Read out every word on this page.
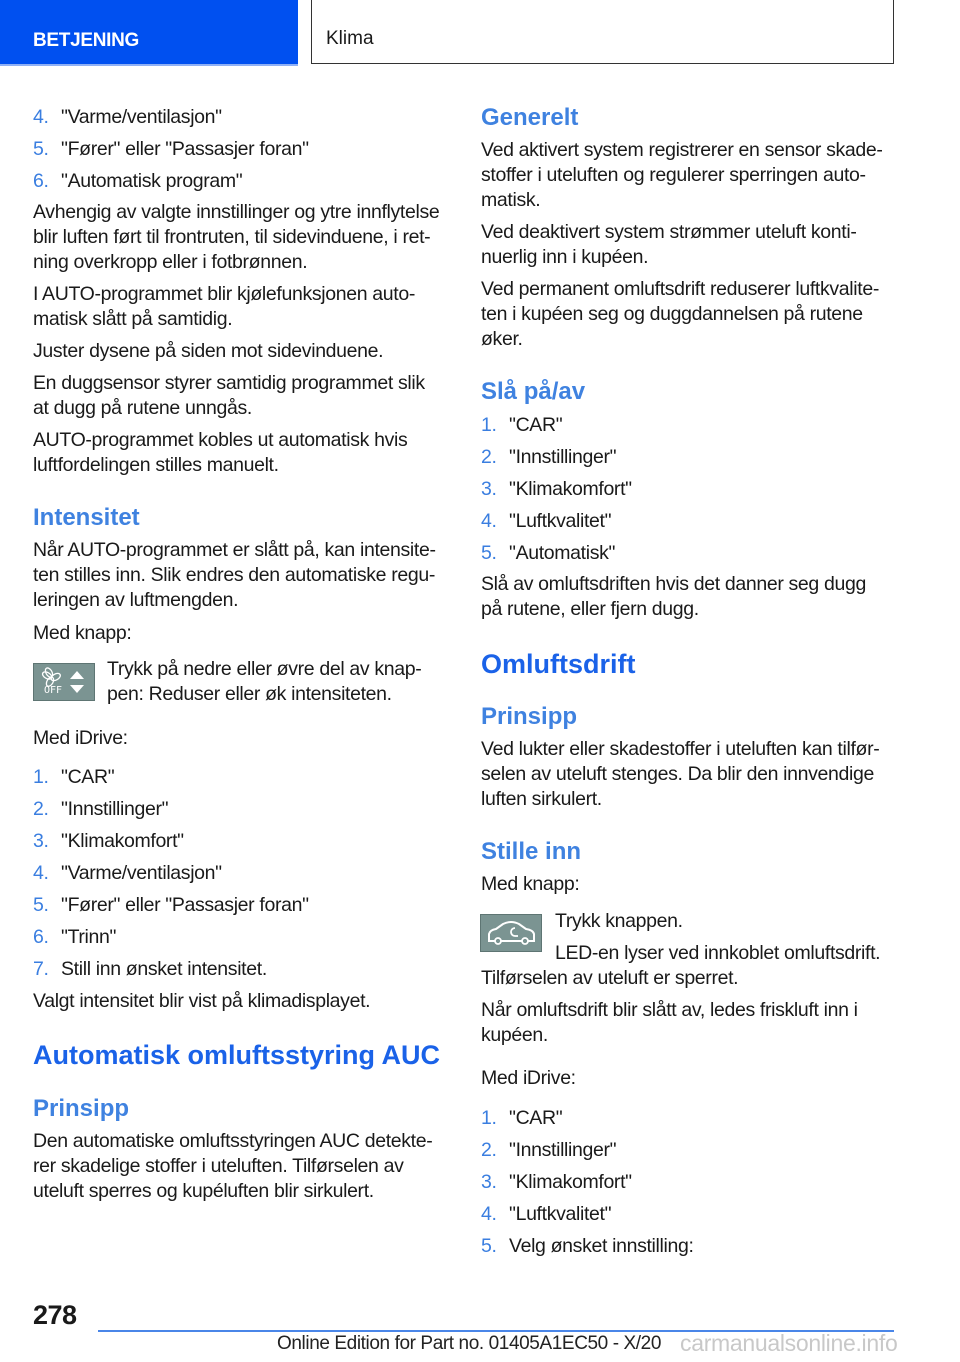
BETJENING	Klima
4. "Varme/ventilasjon"
5. "Fører" eller "Passasjer foran"
6. "Automatisk program"
Avhengig av valgte innstillinger og ytre innflytelse
blir luften ført til frontruten, til sidevinduene, i ret-
ning overkropp eller i fotbrønnen.
I AUTO-programmet blir kjølefunksjonen auto-
matisk slått på samtidig.
Juster dysene på siden mot sidevinduene.
En duggsensor styrer samtidig programmet slik
at dugg på rutene unngås.
AUTO-programmet kobles ut automatisk hvis
luftfordelingen stilles manuelt.
Intensitet
Når AUTO-programmet er slått på, kan intensite-
ten stilles inn. Slik endres den automatiske regu-
leringen av luftmengden.
Med knapp:
OFF
Trykk på nedre eller øvre del av knap-
pen: Reduser eller øk intensiteten.
Med iDrive:
1. "CAR"
2. "Innstillinger"
3. "Klimakomfort"
4. "Varme/ventilasjon"
5. "Fører" eller "Passasjer foran"
6. "Trinn"
7. Still inn ønsket intensitet.
Valgt intensitet blir vist på klimadisplayet.
Automatisk omluftsstyring AUC
Prinsipp
Den automatiske omluftsstyringen AUC detekte-
rer skadelige stoffer i uteluften. Tilførselen av
uteluft sperres og kupéluften blir sirkulert.
Generelt
Ved aktivert system registrerer en sensor skade-
stoffer i uteluften og regulerer sperringen auto-
matisk.
Ved deaktivert system strømmer uteluft konti-
nuerlig inn i kupéen.
Ved permanent omluftsdrift reduserer luftkvalite-
ten i kupéen seg og duggdannelsen på rutene
øker.
Slå på/av
1. "CAR"
2. "Innstillinger"
3. "Klimakomfort"
4. "Luftkvalitet"
5. "Automatisk"
Slå av omluftsdriften hvis det danner seg dugg
på rutene, eller fjern dugg.
Omluftsdrift
Prinsipp
Ved lukter eller skadestoffer i uteluften kan tilfør-
selen av uteluft stenges. Da blir den innvendige
luften sirkulert.
Stille inn
Med knapp:
Trykk knappen.
LED-en lyser ved innkoblet omluftsdrift.
Tilførselen av uteluft er sperret.
Når omluftsdrift blir slått av, ledes friskluft inn i
kupéen.
Med iDrive:
1. "CAR"
2. "Innstillinger"
3. "Klimakomfort"
4. "Luftkvalitet"
5. Velg ønsket innstilling:
278
Online Edition for Part no. 01405A1EC50 - X/20 carmanualsonline.info
